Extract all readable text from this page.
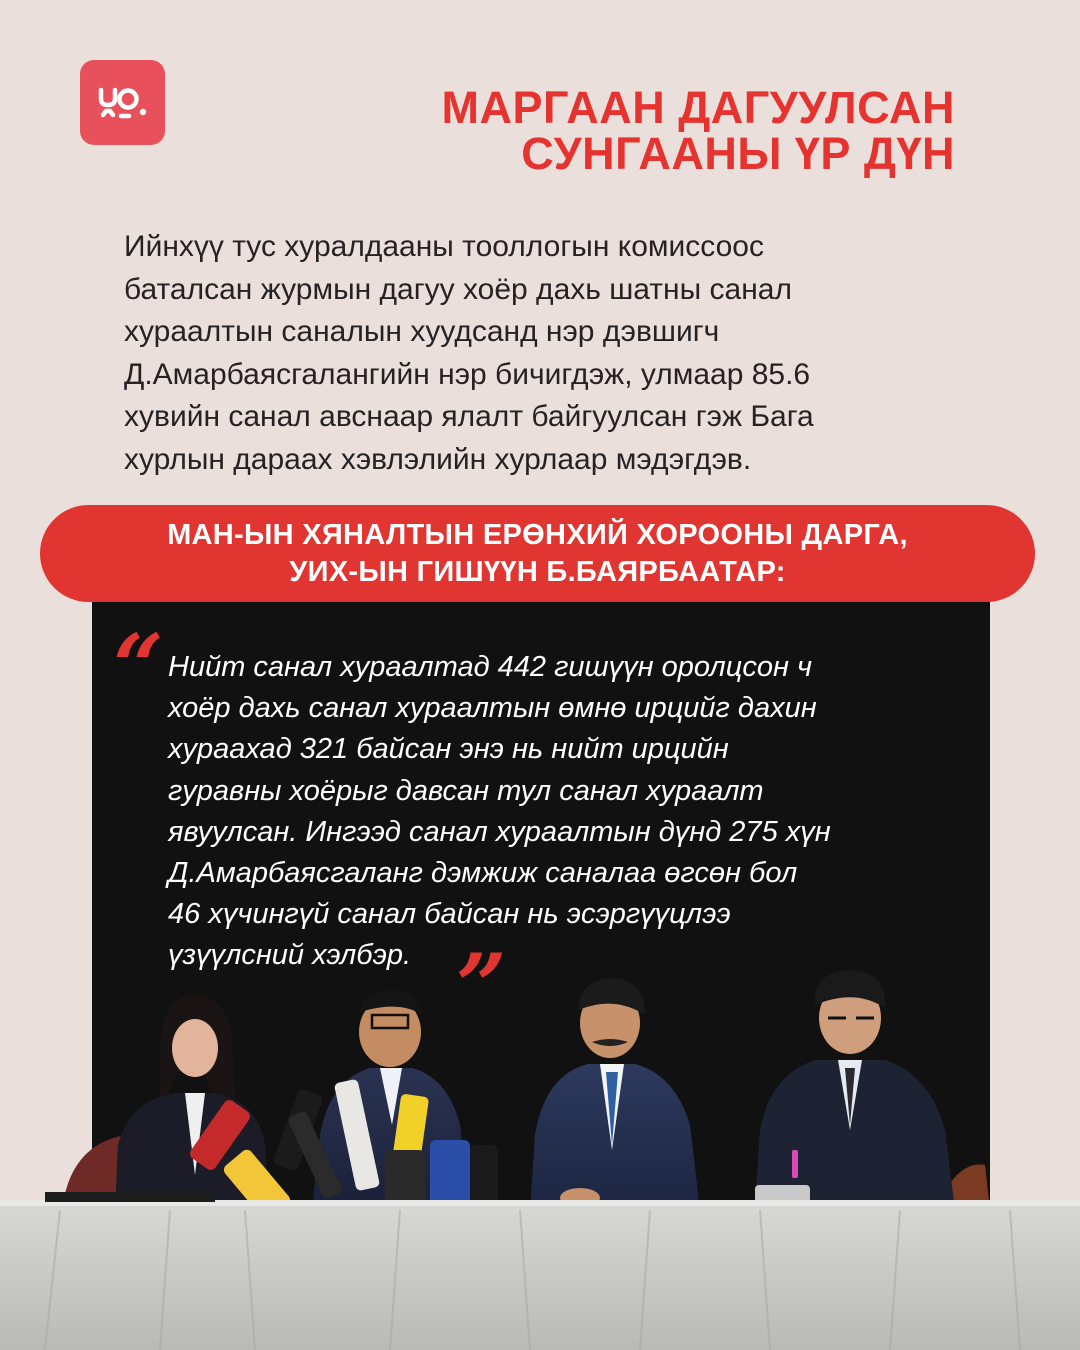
МАРГААН ДАГУУЛСАН
СУНГААНЫ ҮР ДҮН
Ийнхүү тус хуралдааны тооллогын комиссоос
баталсан журмын дагуу хоёр дахь шатны санал
хураалтын саналын хуудсанд нэр дэвшигч
Д.Амарбаясгалангийн нэр бичигдэж, улмаар 85.6
хувийн санал авснаар ялалт байгуулсан гэж Бага
хурлын дараах хэвлэлийн хурлаар мэдэгдэв.
МАН-ЫН ХЯНАЛТЫН ЕРӨНХИЙ ХОРООНЫ ДАРГА,
УИХ-ЫН ГИШҮҮН Б.БАЯРБААТАР:
“ Нийт санал хураалтад 442 гишүүн оролцсон ч
хоёр дахь санал хураалтын өмнө ирцийг дахин
хураахад 321 байсан энэ нь нийт ирцийн
гуравны хоёрыг давсан тул санал хураалт
явуулсан. Ингээд санал хураалтын дүнд 275 хүн
Д.Амарбаясгаланг дэмжиж саналаа өгсөн бол
46 хүчингүй санал байсан нь эсэргүүцлээ
үзүүлсний хэлбэр. ”
